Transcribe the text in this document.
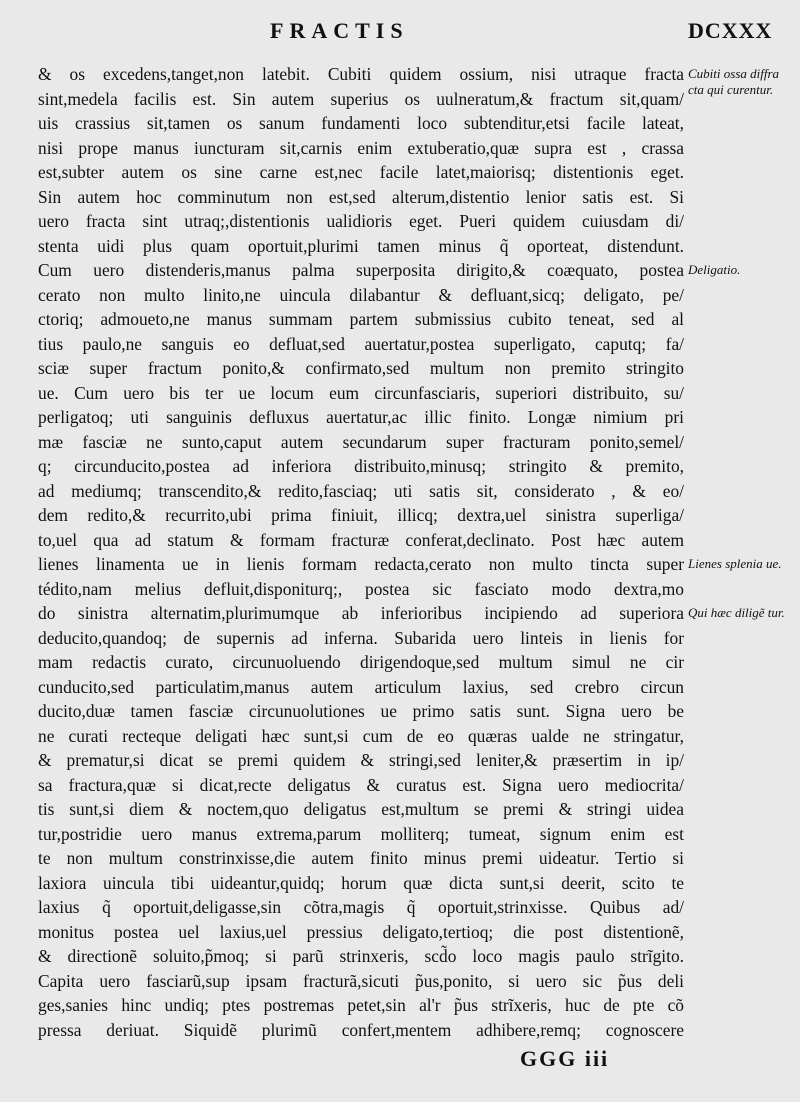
FRACTIS	DCXXX
& os excedens,tanget,non latebit. Cubiti quidem ossium, nisi utraque fracta
sint,medela facilis est. Sin autem superius os uulneratum,& fractum sit,quam/
uis crassius sit,tamen os sanum fundamenti loco subtenditur,etsi facile lateat,
nisi prope manus iuncturam sit,carnis enim extuberatio,quæ supra est , crassa
est,subter autem os sine carne est,nec facile latet,maiorisq; distentionis eget.
Sin autem hoc comminutum non est,sed alterum,distentio lenior satis est. Si
uero fracta sint utraq;,distentionis ualidioris eget. Pueri quidem cuiusdam di/
stenta uidi plus quam oportuit,plurimi tamen minus q̃ oporteat, distendunt.
Cum uero distenderis,manus palma superposita dirigito,& coæquato, postea
cerato non multo linito,ne uincula dilabantur & defluant,sicq; deligato, pe/
ctoriq; admoueto,ne manus summam partem submissius cubito teneat, sed al
tius paulo,ne sanguis eo defluat,sed auertatur,postea superligato, caputq; fa/
sciæ super fractum ponito,& confirmato,sed multum non premito stringito
ue. Cum uero bis ter ue locum eum circunfasciaris, superiori distribuito, su/
perligatoq; uti sanguinis defluxus auertatur,ac illic finito. Longæ nimium pri
mæ fasciæ ne sunto,caput autem secundarum super fracturam ponito,semel/
q; circunducito,postea ad inferiora distribuito,minusq; stringito & premito,
ad mediumq; transcendito,& redito,fasciaq; uti satis sit, considerato , & eo/
dem redito,& recurrito,ubi prima finiuit, illicq; dextra,uel sinistra superliga/
to,uel qua ad statum & formam fracturæ conferat,declinato. Post hæc autem
lienes linamenta ue in lienis formam redacta,cerato non multo tincta super
tédito,nam melius defluit,disponiturq;, postea sic fasciato modo dextra,mo
do sinistra alternatim,plurimumque ab inferioribus incipiendo ad superiora
deducito,quandoq; de supernis ad inferna. Subarida uero linteis in lienis for
mam redactis curato, circunuoluendo dirigendoque,sed multum simul ne cir
cunducito,sed particulatim,manus autem articulum laxius, sed crebro circun
ducito,duæ tamen fasciæ circunuolutiones ue primo satis sunt. Signa uero be
ne curati recteque deligati hæc sunt,si cum de eo quæras ualde ne stringatur,
& prematur,si dicat se premi quidem & stringi,sed leniter,& præsertim in ip/
sa fractura,quæ si dicat,recte deligatus & curatus est. Signa uero mediocrita/
tis sunt,si diem & noctem,quo deligatus est,multum se premi & stringi uidea
tur,postridie uero manus extrema,parum molliterq; tumeat, signum enim est
te non multum constrinxisse,die autem finito minus premi uideatur. Tertio si
laxiora uincula tibi uideantur,quidq; horum quæ dicta sunt,si deerit, scito te
laxius q̃ oportuit,deligasse,sin cõtra,magis q̃ oportuit,strinxisse. Quibus ad/
monitus postea uel laxius,uel pressius deligato,tertioq; die post distentionẽ,
& directionẽ soluito,p̃moq; si parũ strinxeris, scd̃o loco magis paulo strĩgito.
Capita uero fasciarũ,sup ipsam fracturã,sicuti p̃us,ponito, si uero sic p̃us deli
ges,sanies hinc undiq; ptes postremas petet,sin al'r p̃us strĩxeris, huc de pte cõ
pressa deriuat. Siquidẽ plurimũ confert,mentem adhibere,remq; cognoscere
Cubiti ossa diffra cta qui curentur.
Deligatio.
Lienes splenia ue.
Qui hæc diligẽ tur.
GGG iii
